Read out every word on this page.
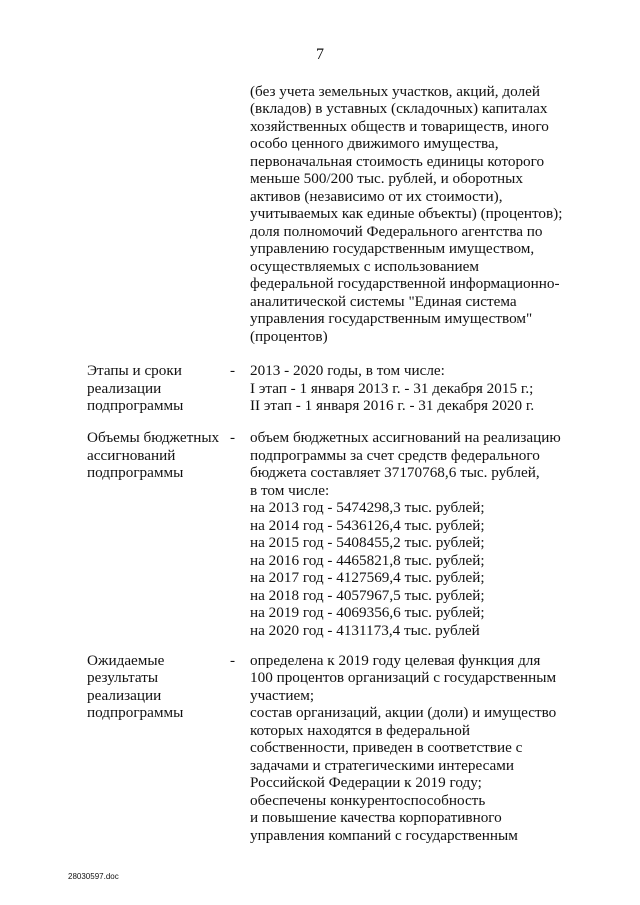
7
(без учета земельных участков, акций, долей
(вкладов) в уставных (складочных) капиталах
хозяйственных обществ и товариществ, иного
особо ценного движимого имущества,
первоначальная стоимость единицы которого
меньше 500/200 тыс. рублей, и оборотных
активов (независимо от их стоимости),
учитываемых как единые объекты) (процентов);
доля полномочий Федерального агентства по
управлению государственным имуществом,
осуществляемых с использованием
федеральной государственной информационно-
аналитической системы "Единая система
управления государственным имуществом"
(процентов)
Этапы и сроки
реализации
подпрограммы
- 2013 - 2020 годы, в том числе:
I этап - 1 января 2013 г. - 31 декабря 2015 г.;
II этап - 1 января 2016 г. - 31 декабря 2020 г.
Объемы бюджетных
ассигнований
подпрограммы
- объем бюджетных ассигнований на реализацию
подпрограммы за счет средств федерального
бюджета составляет 37170768,6 тыс. рублей,
в том числе:
на 2013 год - 5474298,3 тыс. рублей;
на 2014 год - 5436126,4 тыс. рублей;
на 2015 год - 5408455,2 тыс. рублей;
на 2016 год - 4465821,8 тыс. рублей;
на 2017 год - 4127569,4 тыс. рублей;
на 2018 год - 4057967,5 тыс. рублей;
на 2019 год - 4069356,6 тыс. рублей;
на 2020 год - 4131173,4 тыс. рублей
Ожидаемые
результаты
реализации
подпрограммы
- определена к 2019 году целевая функция для
100 процентов организаций с государственным
участием;
состав организаций, акции (доли) и имущество
которых находятся в федеральной
собственности, приведен в соответствие с
задачами и стратегическими интересами
Российской Федерации к 2019 году;
обеспечены конкурентоспособность
и повышение качества корпоративного
управления компаний с государственным
28030597.doc
